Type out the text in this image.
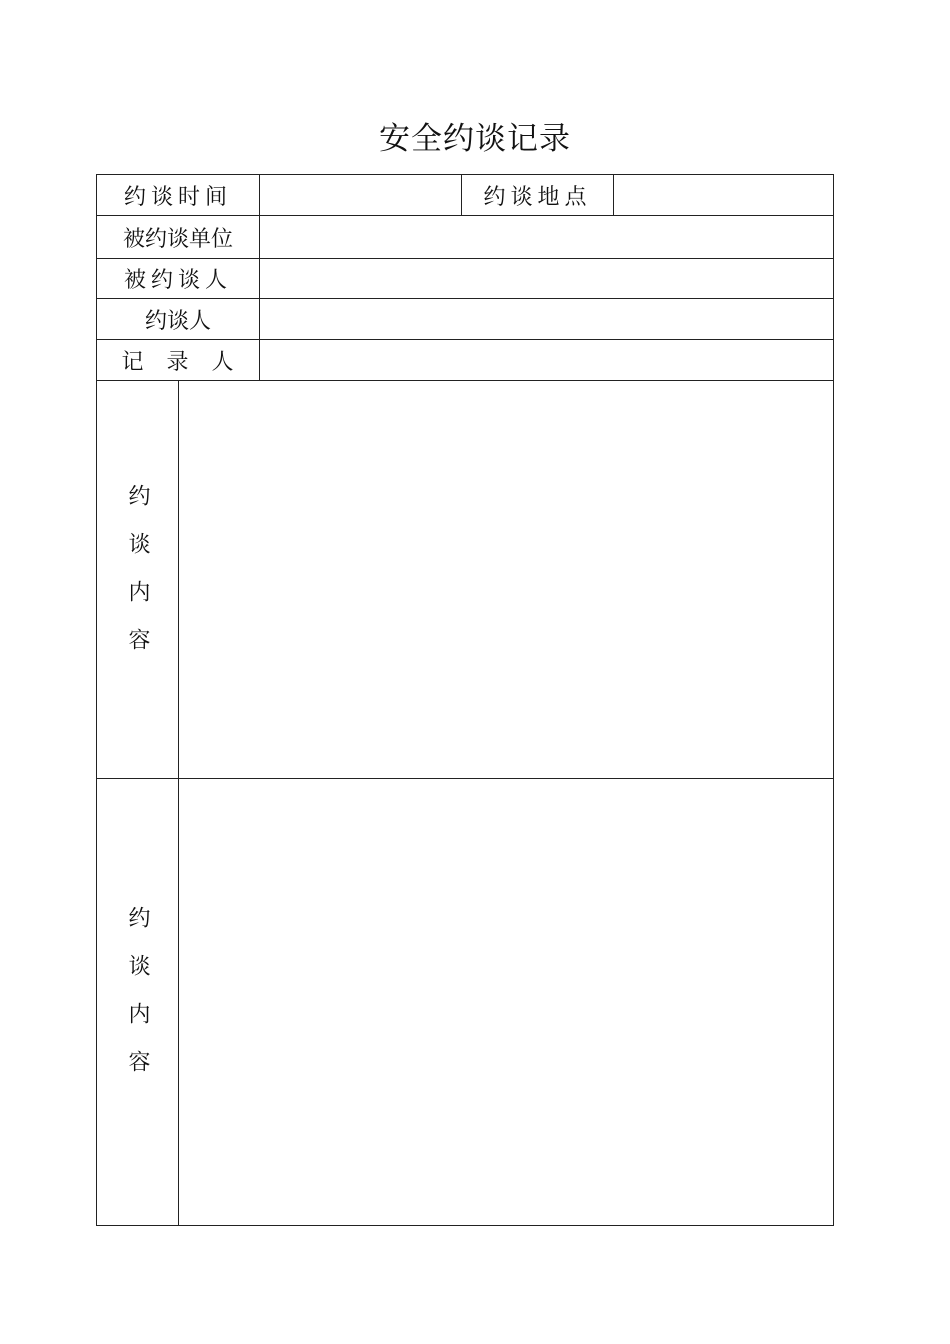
安全约谈记录
约谈时间	约谈地点
被约谈单位
被约谈人
约谈人
记录人
约谈内容
约谈内容
